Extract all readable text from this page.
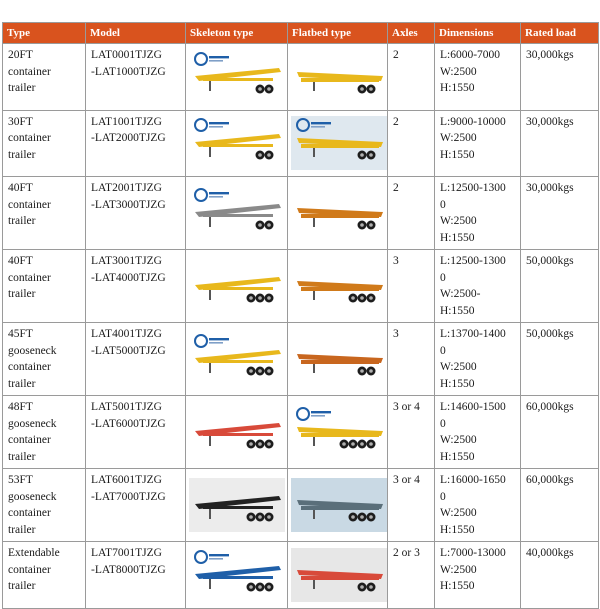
Type	Model	Skeleton type	Flatbed type	Axles	Dimensions	Rated load

20FT
container
trailer	LAT0001TJZG
-LAT1000TJZG			2	L:6000-7000
W:2500
H:1550	30,000kgs

30FT
container
trailer	LAT1001TJZG
-LAT2000TJZG			2	L:9000-10000
W:2500
H:1550	30,000kgs

40FT
container
trailer	LAT2001TJZG
-LAT3000TJZG			2	L:12500-1300
0
W:2500
H:1550	30,000kgs

40FT
container
trailer	LAT3001TJZG
-LAT4000TJZG			3	L:12500-1300
0
W:2500-
H:1550	50,000kgs

45FT
gooseneck
container
trailer	LAT4001TJZG
-LAT5000TJZG			3	L:13700-1400
0
W:2500
H:1550	50,000kgs

48FT
gooseneck
container
trailer	LAT5001TJZG
-LAT6000TJZG			3 or 4	L:14600-1500
0
W:2500
H:1550	60,000kgs

53FT
gooseneck
container
trailer	LAT6001TJZG
-LAT7000TJZG			3 or 4	L:16000-1650
0
W:2500
H:1550	60,000kgs

Extendable
container
trailer	LAT7001TJZG
-LAT8000TJZG			2 or 3	L:7000-13000
W:2500
H:1550	40,000kgs
